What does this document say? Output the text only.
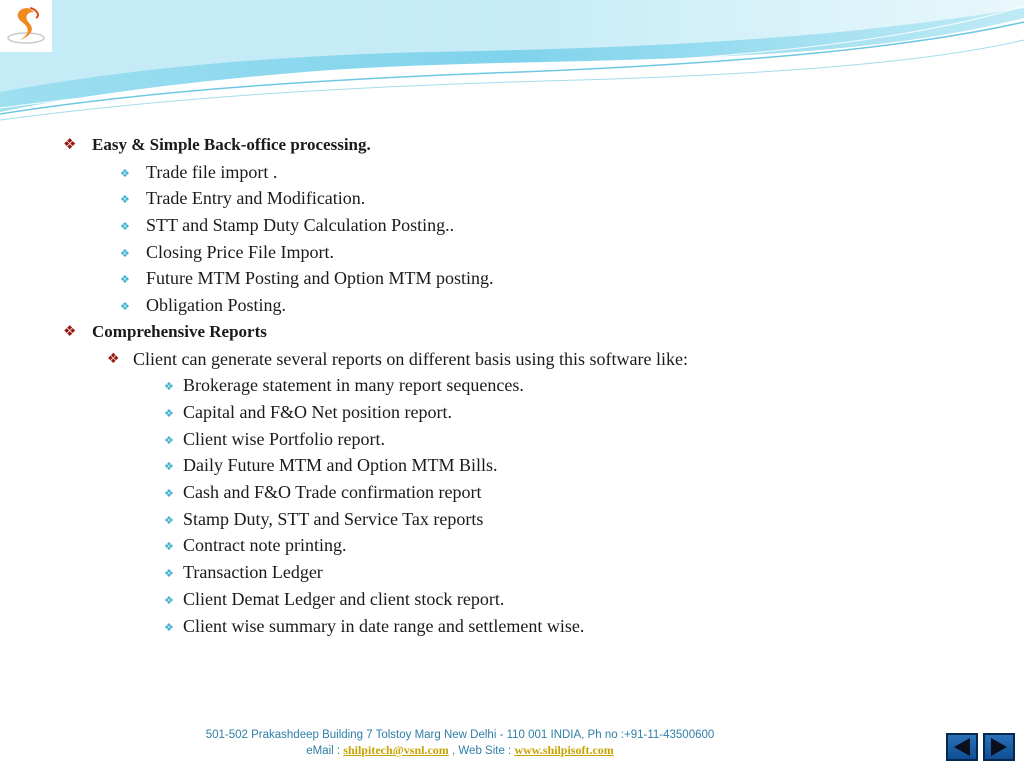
❖ Easy & Simple Back-office processing.
❖ Trade file import .
❖ Trade Entry and Modification.
❖ STT and Stamp Duty Calculation Posting..
❖ Closing Price File Import.
❖ Future MTM Posting and Option MTM posting.
❖ Obligation Posting.
❖ Comprehensive Reports
❖ Client can generate several reports on different basis using this software like:
❖ Brokerage statement in many report sequences.
❖ Capital and F&O Net position report.
❖ Client wise Portfolio report.
❖ Daily Future MTM and Option MTM Bills.
❖ Cash and F&O Trade confirmation report
❖ Stamp Duty, STT and Service Tax reports
❖ Contract note printing.
❖ Transaction Ledger
❖ Client Demat Ledger and client stock report.
❖ Client wise summary in date range and settlement wise.
501-502 Prakashdeep Building 7 Tolstoy Marg New Delhi - 110 001 INDIA, Ph no :+91-11-43500600
eMail : shilpitech@vsnl.com , Web Site : www.shilpisoft.com
